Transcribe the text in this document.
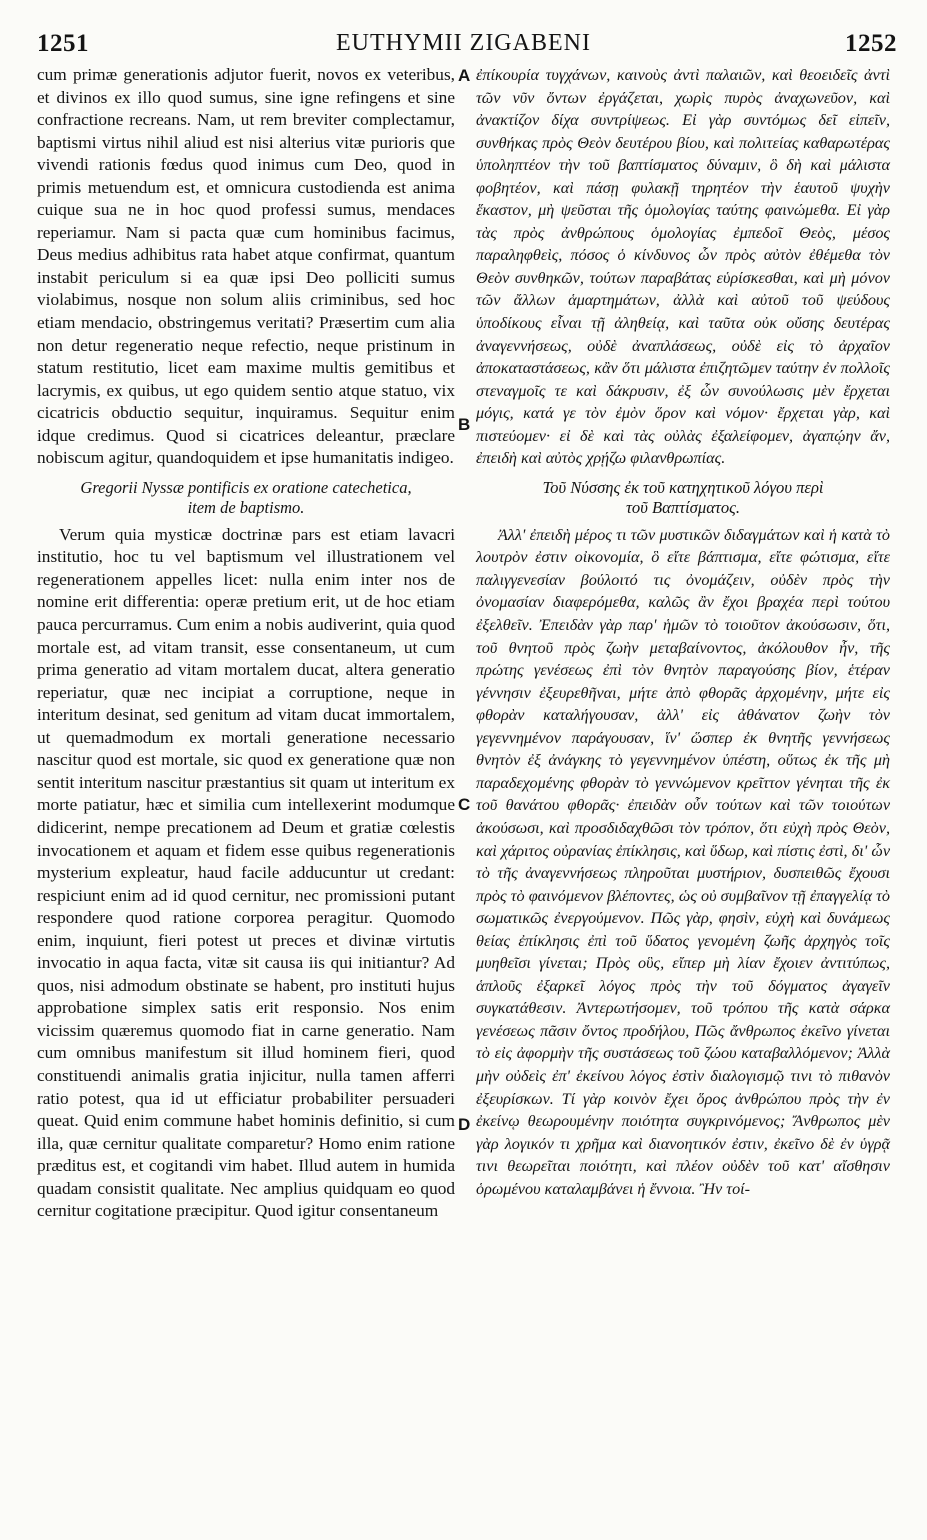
1251	EUTHYMII ZIGABENI	1252
A
B
C
D

cum primæ generationis adjutor fuerit, novos ex veteribus, et divinos ex illo quod sumus, sine igne refingens et sine confractione recreans. Nam, ut rem breviter complectamur, baptismi virtus nihil aliud est nisi alterius vitæ purioris que vivendi rationis fœdus quod inimus cum Deo, quod in primis metuendum est, et omnicura custodienda est anima cuique sua ne in hoc quod professi sumus, mendaces reperiamur. Nam si pacta quæ cum hominibus facimus, Deus medius adhibitus rata habet atque confirmat, quantum instabit periculum si ea quæ ipsi Deo polliciti sumus violabimus, nosque non solum aliis criminibus, sed hoc etiam mendacio, obstringemus veritati? Præsertim cum alia non detur regeneratio neque refectio, neque pristinum in statum restitutio, licet eam maxime multis gemitibus et lacrymis, ex quibus, ut ego quidem sentio atque statuo, vix cicatricis obductio sequitur, inquiramus. Sequitur enim idque credimus. Quod si cicatrices deleantur, præclare nobiscum agitur, quandoquidem et ipse humanitatis indigeo.

Gregorii Nyssæ pontificis ex oratione catechetica,
item de baptismo.

Verum quia mysticæ doctrinæ pars est etiam lavacri institutio, hoc tu vel baptismum vel illustrationem vel regenerationem appelles licet: nulla enim inter nos de nomine erit differentia: operæ pretium erit, ut de hoc etiam pauca percurramus. Cum enim a nobis audiverint, quia quod mortale est, ad vitam transit, esse consentaneum, ut cum prima generatio ad vitam mortalem ducat, altera generatio reperiatur, quæ nec incipiat a corruptione, neque in interitum desinat, sed genitum ad vitam ducat immortalem, ut quemadmodum ex mortali generatione necessario nascitur quod est mortale, sic quod ex generatione quæ non sentit interitum nascitur præstantius sit quam ut interitum ex morte patiatur, hæc et similia cum intellexerint modumque didicerint, nempe precationem ad Deum et gratiæ cœlestis invocationem et aquam et fidem esse quibus regenerationis mysterium expleatur, haud facile adducuntur ut credant: respiciunt enim ad id quod cernitur, nec promissioni putant respondere quod ratione corporea peragitur. Quomodo enim, inquiunt, fieri potest ut preces et divinæ virtutis invocatio in aqua facta, vitæ sit causa iis qui initiantur? Ad quos, nisi admodum obstinate se habent, pro instituti hujus approbatione simplex satis erit responsio. Nos enim vicissim quæremus quomodo fiat in carne generatio. Nam cum omnibus manifestum sit illud hominem fieri, quod constituendi animalis gratia injicitur, nulla tamen afferri ratio potest, qua id ut efficiatur probabiliter persuaderi queat. Quid enim commune habet hominis definitio, si cum illa, quæ cernitur qualitate comparetur? Homo enim ratione præditus est, et cogitandi vim habet. Illud autem in humida quadam consistit qualitate. Nec amplius quidquam eo quod cernitur cogitatione præcipitur. Quod igitur consentaneum

ἐπίκουρία τυγχάνων, καινοὺς ἀντὶ παλαιῶν, καὶ θεοειδεῖς ἀντὶ τῶν νῦν ὄντων ἐργάζεται, χωρὶς πυρὸς ἀναχωνεῦον, καὶ ἀνακτίζον δίχα συντρίψεως. Εἰ γὰρ συντόμως δεῖ εἰπεῖν, συνθήκας πρὸς Θεὸν δευτέρου βίου, καὶ πολιτείας καθαρωτέρας ὑποληπτέον τὴν τοῦ βαπτίσματος δύναμιν, ὃ δὴ καὶ μάλιστα φοβητέον, καὶ πάσῃ φυλακῇ τηρητέον τὴν ἑαυτοῦ ψυχὴν ἕκαστον, μὴ ψεῦσται τῆς ὁμολογίας ταύτης φαινώμεθα. Εἰ γὰρ τὰς πρὸς ἀνθρώπους ὁμολογίας ἐμπεδοῖ Θεὸς, μέσος παραληφθεὶς, πόσος ὁ κίνδυνος ὧν πρὸς αὐτὸν ἐθέμεθα τὸν Θεὸν συνθηκῶν, τούτων παραβάτας εὑρίσκεσθαι, καὶ μὴ μόνον τῶν ἄλλων ἁμαρτημάτων, ἀλλὰ καὶ αὐτοῦ τοῦ ψεύδους ὑποδίκους εἶναι τῇ ἀληθείᾳ, καὶ ταῦτα οὐκ οὔσης δευτέρας ἀναγεννήσεως, οὐδὲ ἀναπλάσεως, οὐδὲ εἰς τὸ ἀρχαῖον ἀποκαταστάσεως, κἂν ὅτι μάλιστα ἐπιζητῶμεν ταύτην ἐν πολλοῖς στεναγμοῖς τε καὶ δάκρυσιν, ἐξ ὧν συνούλωσις μὲν ἔρχεται μόγις, κατά γε τὸν ἐμὸν ὅρον καὶ νόμον· ἔρχεται γὰρ, καὶ πιστεύομεν· εἰ δὲ καὶ τὰς οὐλὰς ἐξαλείφομεν, ἀγαπῴην ἄν, ἐπειδὴ καὶ αὐτὸς χρῄζω φιλανθρωπίας.

Τοῦ Νύσσης ἐκ τοῦ κατηχητικοῦ λόγου περὶ
τοῦ Βαπτίσματος.

Ἀλλ' ἐπειδὴ μέρος τι τῶν μυστικῶν διδαγμάτων καὶ ἡ κατὰ τὸ λουτρὸν ἐστιν οἰκονομία, ὃ εἴτε βάπτισμα, εἴτε φώτισμα, εἴτε παλιγγενεσίαν βούλοιτό τις ὀνομάζειν, οὐδὲν πρὸς τὴν ὀνομασίαν διαφερόμεθα, καλῶς ἂν ἔχοι βραχέα περὶ τούτου ἐξελθεῖν. Ἐπειδὰν γὰρ παρ' ἡμῶν τὸ τοιοῦτον ἀκούσωσιν, ὅτι, τοῦ θνητοῦ πρὸς ζωὴν μεταβαίνοντος, ἀκόλουθον ἦν, τῆς πρώτης γενέσεως ἐπὶ τὸν θνητὸν παραγούσης βίον, ἑτέραν γέννησιν ἐξευρεθῆναι, μήτε ἀπὸ φθορᾶς ἀρχομένην, μήτε εἰς φθορὰν καταλήγουσαν, ἀλλ' εἰς ἀθάνατον ζωὴν τὸν γεγεννημένον παράγουσαν, ἵν' ὥσπερ ἐκ θνητῆς γεννήσεως θνητὸν ἐξ ἀνάγκης τὸ γεγεννημένον ὑπέστη, οὕτως ἐκ τῆς μὴ παραδεχομένης φθορὰν τὸ γεννώμενον κρεῖττον γένηται τῆς ἐκ τοῦ θανάτου φθορᾶς· ἐπειδὰν οὖν τούτων καὶ τῶν τοιούτων ἀκούσωσι, καὶ προσδιδαχθῶσι τὸν τρόπον, ὅτι εὐχὴ πρὸς Θεὸν, καὶ χάριτος οὐρανίας ἐπίκλησις, καὶ ὕδωρ, καὶ πίστις ἐστὶ, δι' ὧν τὸ τῆς ἀναγεννήσεως πληροῦται μυστήριον, δυσπειθῶς ἔχουσι πρὸς τὸ φαινόμενον βλέποντες, ὡς οὐ συμβαῖνον τῇ ἐπαγγελίᾳ τὸ σωματικῶς ἐνεργούμενον. Πῶς γὰρ, φησὶν, εὐχὴ καὶ δυνάμεως θείας ἐπίκλησις ἐπὶ τοῦ ὕδατος γενομένη ζωῆς ἀρχηγὸς τοῖς μυηθεῖσι γίνεται; Πρὸς οὓς, εἴπερ μὴ λίαν ἔχοιεν ἀντιτύπως, ἁπλοῦς ἐξαρκεῖ λόγος πρὸς τὴν τοῦ δόγματος ἀγαγεῖν συγκατάθεσιν. Ἀντερωτήσομεν, τοῦ τρόπου τῆς κατὰ σάρκα γενέσεως πᾶσιν ὄντος προδήλου, Πῶς ἄνθρωπος ἐκεῖνο γίνεται τὸ εἰς ἀφορμὴν τῆς συστάσεως τοῦ ζώου καταβαλλόμενον; Ἀλλὰ μὴν οὐδεὶς ἐπ' ἐκείνου λόγος ἐστὶν διαλογισμῷ τινι τὸ πιθανὸν ἐξευρίσκων. Τί γὰρ κοινὸν ἔχει ὅρος ἀνθρώπου πρὸς τὴν ἐν ἐκείνῳ θεωρουμένην ποιότητα συγκρινόμενος; Ἄνθρωπος μὲν γὰρ λογικόν τι χρῆμα καὶ διανοητικόν ἐστιν, ἐκεῖνο δὲ ἐν ὑγρᾷ τινι θεωρεῖται ποιότητι, καὶ πλέον οὐδὲν τοῦ κατ' αἴσθησιν ὁρωμένου καταλαμβάνει ἡ ἔννοια. Ἢν τοί-
